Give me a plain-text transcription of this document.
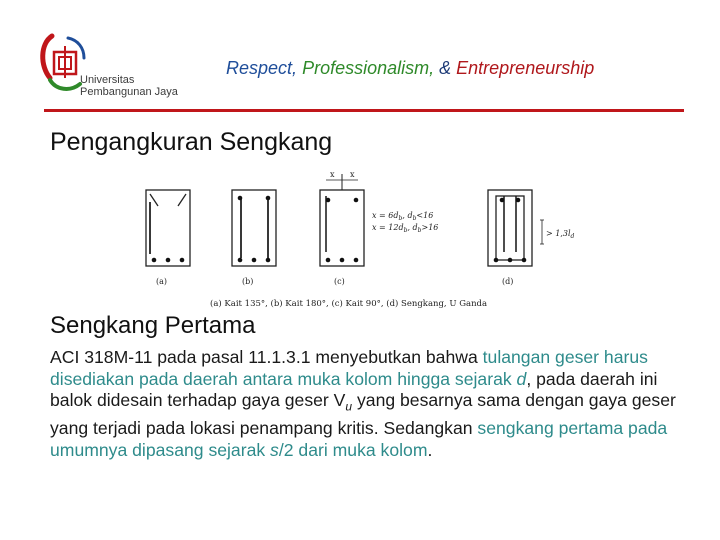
Universitas
Pembangunan Jaya
Respect, Professionalism, & Entrepreneurship
Pengangkuran Sengkang
x x
$x = 6d_b$, $d_b<16$
$x = 12d_b$, $d_b>16$
> $1,3l_d$
(a)	(b)	(c)	(d)
(a) Kait 135°, (b) Kait 180°, (c) Kait 90°, (d) Sengkang, U Ganda
Sengkang Pertama
ACI 318M-11 pada pasal 11.1.3.1 menyebutkan bahwa tulangan geser harus disediakan pada daerah antara muka kolom hingga sejarak d, pada daerah ini balok didesain terhadap gaya geser $V_u$ yang besarnya sama dengan gaya geser yang terjadi pada lokasi penampang kritis. Sedangkan sengkang pertama pada umumnya dipasang sejarak s/2 dari muka kolom.
